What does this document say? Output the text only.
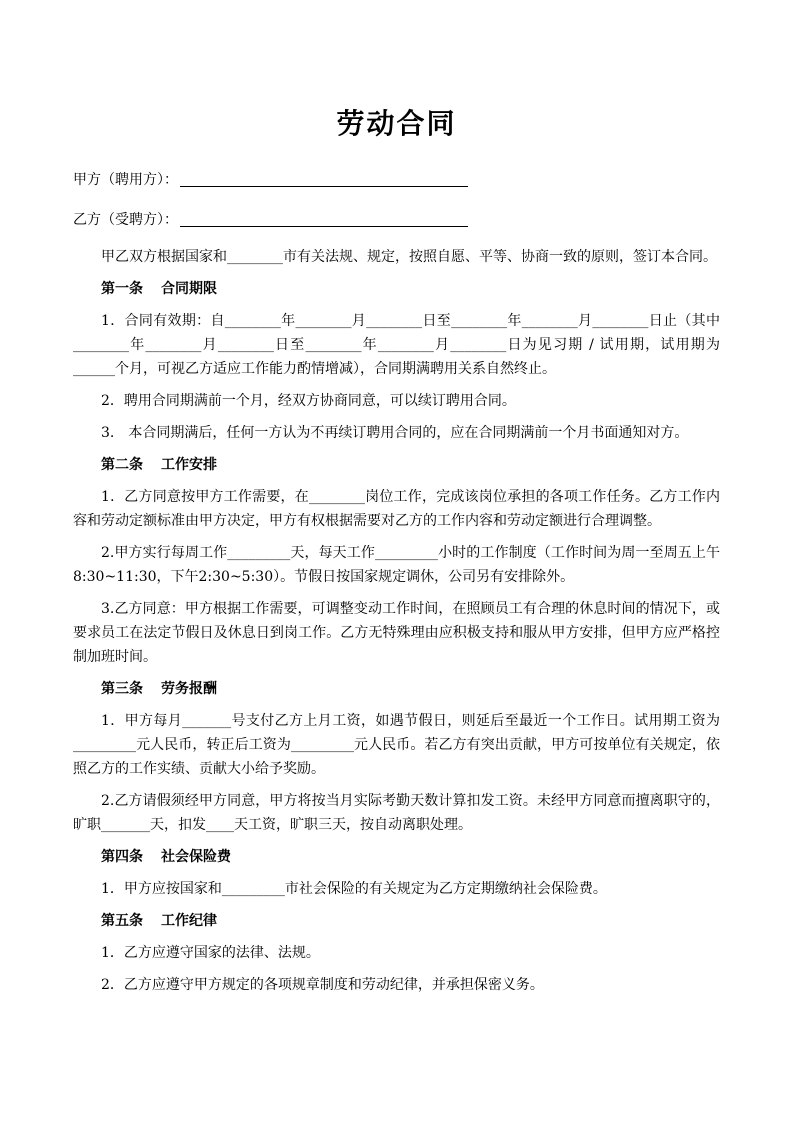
劳动合同
甲方（聘用方）：
乙方（受聘方）：

甲乙双方根据国家和________市有关法规、规定，按照自愿、平等、协商一致的原则，签订本合同。

第一条 合同期限

1．合同有效期：自________年________月________日至________年________月________日止（其中________年________月________日至________年________月________日为见习期 / 试用期，试用期为______个月，可视乙方适应工作能力酌情增减），合同期满聘用关系自然终止。

2．聘用合同期满前一个月，经双方协商同意，可以续订聘用合同。

3.　本合同期满后，任何一方认为不再续订聘用合同的，应在合同期满前一个月书面通知对方。

第二条 工作安排

1．乙方同意按甲方工作需要，在________岗位工作，完成该岗位承担的各项工作任务。乙方工作内容和劳动定额标准由甲方决定，甲方有权根据需要对乙方的工作内容和劳动定额进行合理调整。

2.甲方实行每周工作_________天，每天工作_________小时的工作制度（工作时间为周一至周五上午8:30~11:30，下午2:30~5:30）。节假日按国家规定调休，公司另有安排除外。

3.乙方同意：甲方根据工作需要，可调整变动工作时间，在照顾员工有合理的休息时间的情况下，或要求员工在法定节假日及休息日到岗工作。乙方无特殊理由应积极支持和服从甲方安排，但甲方应严格控制加班时间。

第三条 劳务报酬

1．甲方每月_______号支付乙方上月工资，如遇节假日，则延后至最近一个工作日。试用期工资为_________元人民币，转正后工资为_________元人民币。若乙方有突出贡献，甲方可按单位有关规定，依照乙方的工作实绩、贡献大小给予奖励。

2.乙方请假须经甲方同意，甲方将按当月实际考勤天数计算扣发工资。未经甲方同意而擅离职守的，旷职_______天，扣发____天工资，旷职三天，按自动离职处理。

第四条 社会保险费

1．甲方应按国家和_________市社会保险的有关规定为乙方定期缴纳社会保险费。

第五条 工作纪律

1．乙方应遵守国家的法律、法规。

2．乙方应遵守甲方规定的各项规章制度和劳动纪律，并承担保密义务。
